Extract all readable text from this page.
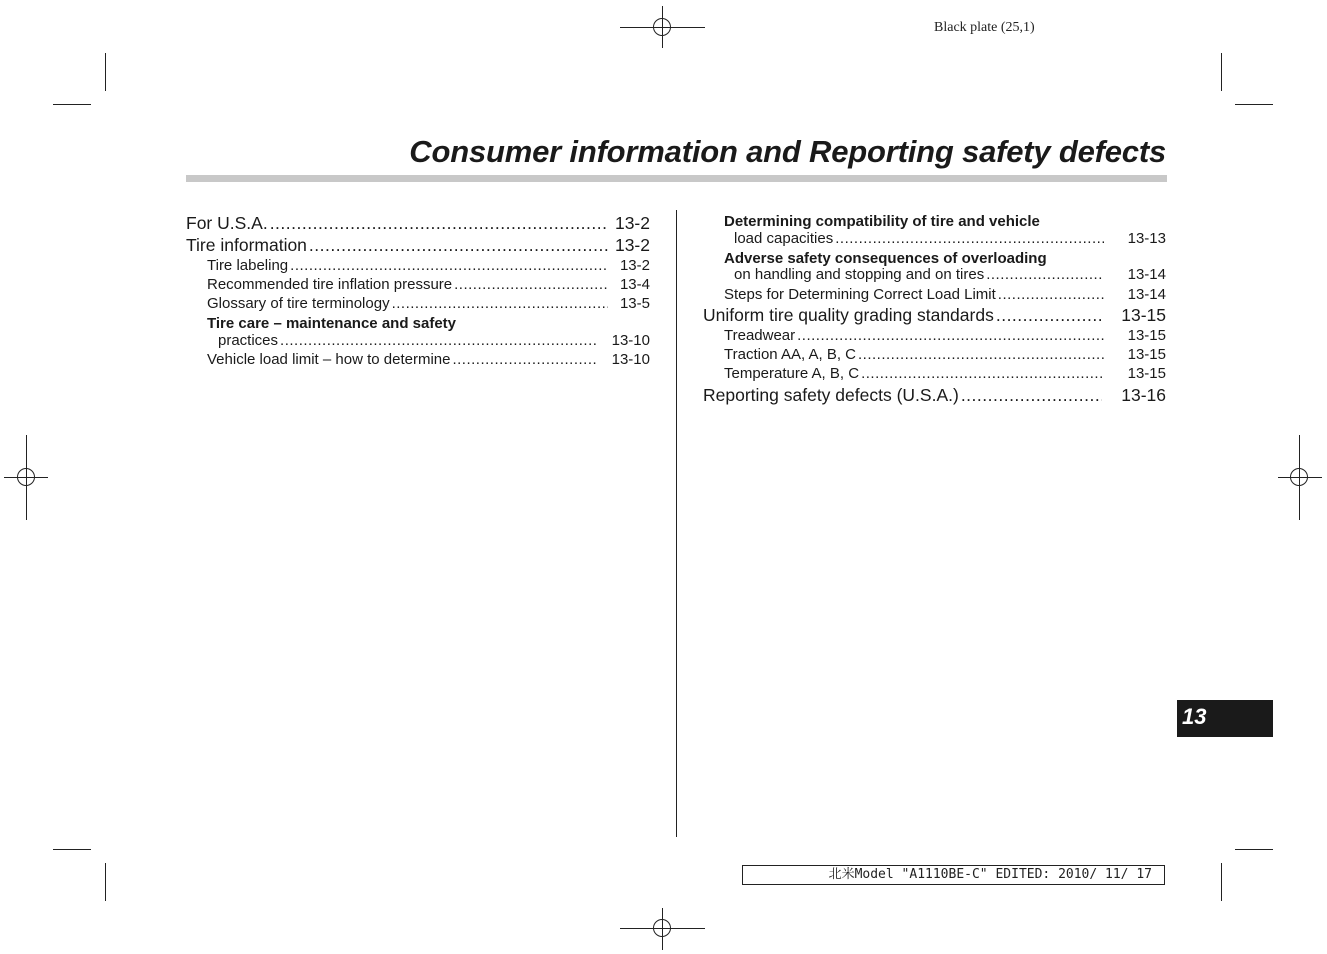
Black plate (25,1)
Consumer information and Reporting safety defects
For U.S.A. .....	13-2
Tire information .....	13-2
Tire labeling .....	13-2
Recommended tire inflation pressure .....	13-4
Glossary of tire terminology .....	13-5
Tire care – maintenance and safety
practices .....	13-10
Vehicle load limit – how to determine .....	13-10
Determining compatibility of tire and vehicle
load capacities .....	13-13
Adverse safety consequences of overloading
on handling and stopping and on tires .....	13-14
Steps for Determining Correct Load Limit .....	13-14
Uniform tire quality grading standards .....	13-15
Treadwear .....	13-15
Traction AA, A, B, C .....	13-15
Temperature A, B, C .....	13-15
Reporting safety defects (U.S.A.) .....	13-16
13
北米Model "A1110BE-C" EDITED: 2010/ 11/ 17
